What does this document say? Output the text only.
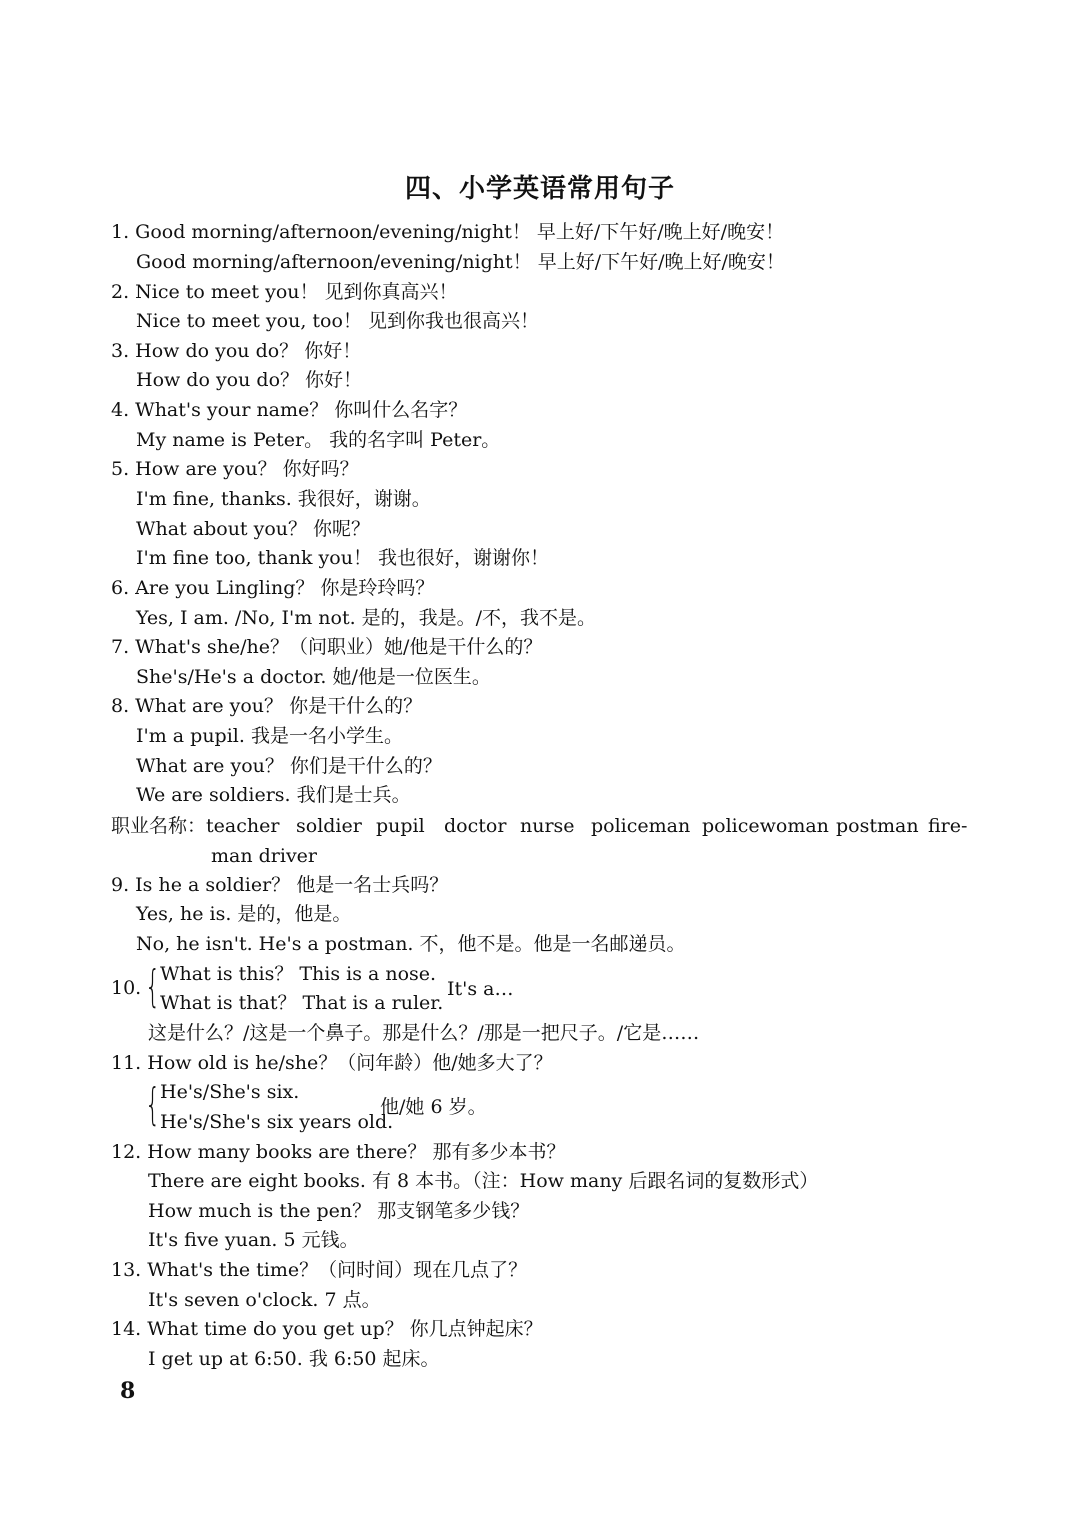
四、小学英语常用句子
1. Good morning/afternoon/evening/night！ 早上好/下午好/晚上好/晚安！
Good morning/afternoon/evening/night！ 早上好/下午好/晚上好/晚安！
2. Nice to meet you！ 见到你真高兴！
Nice to meet you, too！ 见到你我也很高兴！
3. How do you do？ 你好！
How do you do？ 你好！
4. What's your name？ 你叫什么名字？
My name is Peter。 我的名字叫 Peter。
5. How are you？ 你好吗？
I'm fine, thanks. 我很好，谢谢。
What about you？ 你呢？
I'm fine too, thank you！ 我也很好，谢谢你！
6. Are you Lingling？ 你是玲玲吗？
Yes, I am. /No, I'm not. 是的，我是。/不，我不是。
7. What's she/he？（问职业）她/他是干什么的？
She's/He's a doctor. 她/他是一位医生。
8. What are you？ 你是干什么的？
I'm a pupil. 我是一名小学生。
What are you？ 你们是干什么的？
We are soldiers. 我们是士兵。
职业名称：teacher soldier pupil doctor nurse policeman policewoman postman fire-
man driver
9. Is he a soldier？ 他是一名士兵吗？
Yes, he is. 是的，他是。
No, he isn't. He's a postman. 不，他不是。他是一名邮递员。
10. { What is this？ This is a nose.
What is that？ That is a ruler.
It's a…
这是什么？/这是一个鼻子。那是什么？/那是一把尺子。/它是……
11. How old is he/she？（问年龄）他/她多大了？
{ He's/She's six.
He's/She's six years old.
他/她 6 岁。
12. How many books are there？ 那有多少本书？
There are eight books. 有 8 本书。（注：How many 后跟名词的复数形式）
How much is the pen？ 那支钢笔多少钱？
It's five yuan. 5 元钱。
13. What's the time？（问时间）现在几点了？
It's seven o'clock. 7 点。
14. What time do you get up？ 你几点钟起床？
I get up at 6:50. 我 6:50 起床。
8
